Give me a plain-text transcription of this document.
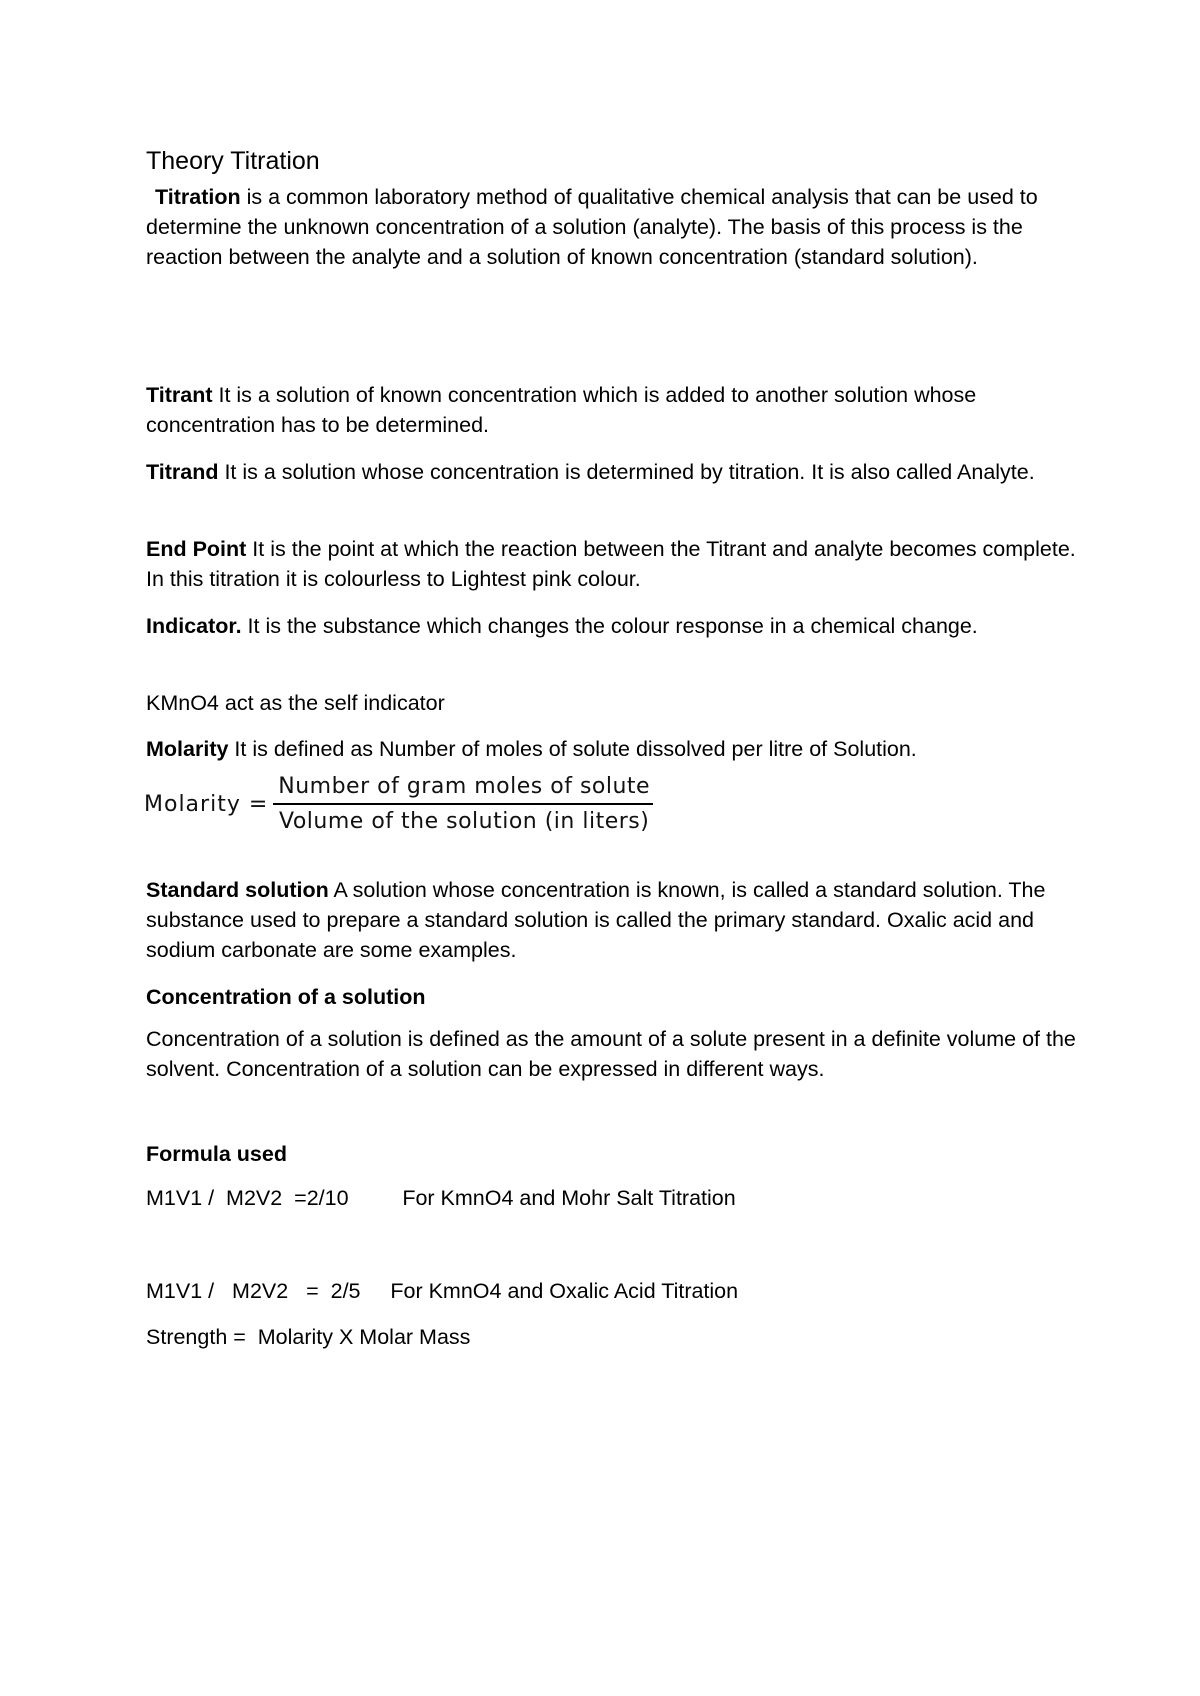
Theory Titration
Titration is a common laboratory method of qualitative chemical analysis that can be used to determine the unknown concentration of a solution (analyte). The basis of this process is the reaction between the analyte and a solution of known concentration (standard solution).
Titrant It is a solution of known concentration which is added to another solution whose concentration has to be determined.
Titrand It is a solution whose concentration is determined by titration. It is also called Analyte.
End Point It is the point at which the reaction between the Titrant and analyte becomes complete. In this titration it is colourless to Lightest pink colour.
Indicator. It is the substance which changes the colour response in a chemical change.
KMnO4 act as the self indicator
Molarity It is defined as Number of moles of solute dissolved per litre of Solution.
Molarity = $\frac{\text{Number of gram moles of solute}}{\text{Volume of the solution (in liters)}}$
Standard solution A solution whose concentration is known, is called a standard solution. The substance used to prepare a standard solution is called the primary standard. Oxalic acid and sodium carbonate are some examples.
Concentration of a solution
Concentration of a solution is defined as the amount of a solute present in a definite volume of the solvent. Concentration of a solution can be expressed in different ways.
Formula used
M1V1 /  M2V2  =2/10         For KmnO4 and Mohr Salt Titration
M1V1 /   M2V2   =  2/5     For KmnO4 and Oxalic Acid Titration
Strength =  Molarity X Molar Mass
